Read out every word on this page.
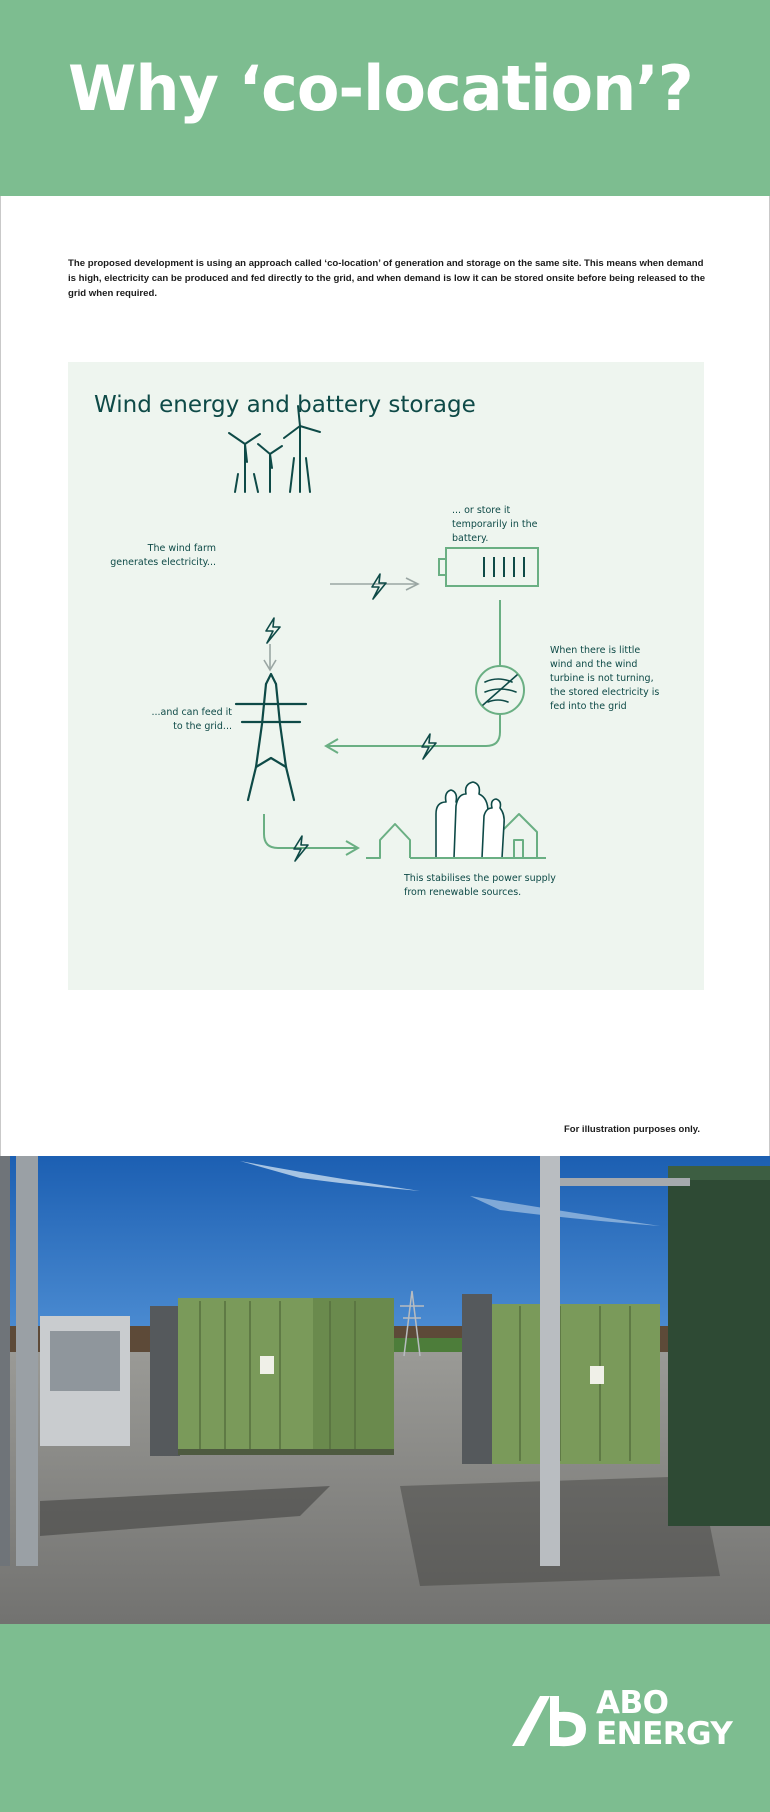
Why ‘co-location’?

The proposed development is using an approach called ‘co-location’ of generation and storage on the same site. This means when demand is high, electricity can be produced and fed directly to the grid, and when demand is low it can be stored onsite before being released to the grid when required.

Wind energy and battery storage
The wind farm generates electricity...
... or store it temporarily in the battery.
When there is little wind and the wind turbine is not turning, the stored electricity is fed into the grid
...and can feed it to the grid...
This stabilises the power supply from renewable sources.
For illustration purposes only.
ABO
ENERGY
